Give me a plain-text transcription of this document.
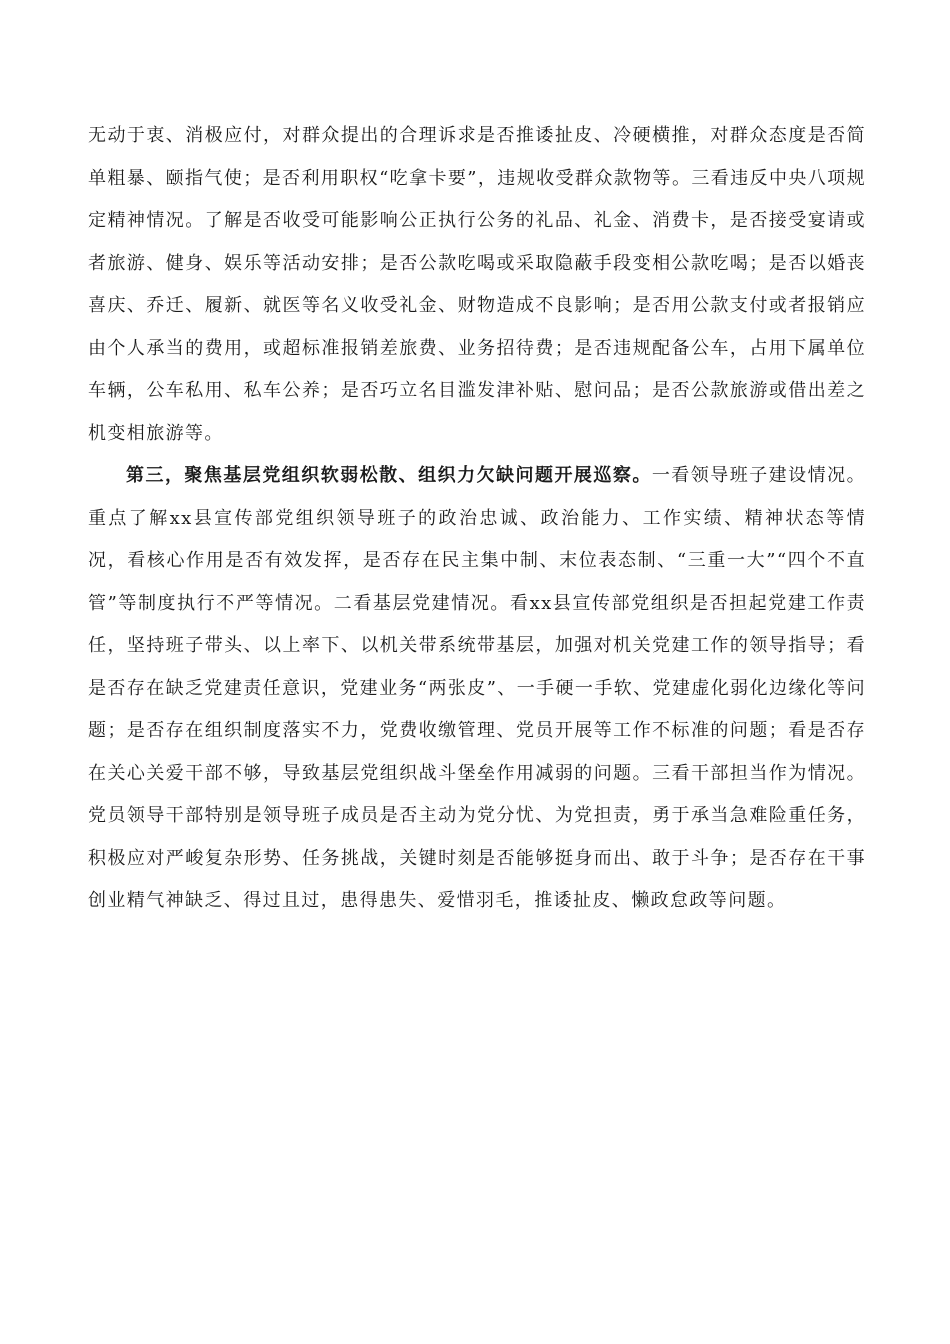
无动于衷、消极应付，对群众提出的合理诉求是否推诿扯皮、冷硬横推，对群众态度是否简单粗暴、颐指气使；是否利用职权“吃拿卡要”，违规收受群众款物等。三看违反中央八项规定精神情况。了解是否收受可能影响公正执行公务的礼品、礼金、消费卡，是否接受宴请或者旅游、健身、娱乐等活动安排；是否公款吃喝或采取隐蔽手段变相公款吃喝；是否以婚丧喜庆、乔迁、履新、就医等名义收受礼金、财物造成不良影响；是否用公款支付或者报销应由个人承当的费用，或超标准报销差旅费、业务招待费；是否违规配备公车，占用下属单位车辆，公车私用、私车公养；是否巧立名目滥发津补贴、慰问品；是否公款旅游或借出差之机变相旅游等。

第三，聚焦基层党组织软弱松散、组织力欠缺问题开展巡察。一看领导班子建设情况。重点了解xx县宣传部党组织领导班子的政治忠诚、政治能力、工作实绩、精神状态等情况，看核心作用是否有效发挥，是否存在民主集中制、末位表态制、“三重一大”“四个不直管”等制度执行不严等情况。二看基层党建情况。看xx县宣传部党组织是否担起党建工作责任，坚持班子带头、以上率下、以机关带系统带基层，加强对机关党建工作的领导指导；看是否存在缺乏党建责任意识，党建业务“两张皮”、一手硬一手软、党建虚化弱化边缘化等问题；是否存在组织制度落实不力，党费收缴管理、党员开展等工作不标准的问题；看是否存在关心关爱干部不够，导致基层党组织战斗堡垒作用减弱的问题。三看干部担当作为情况。党员领导干部特别是领导班子成员是否主动为党分忧、为党担责，勇于承当急难险重任务，积极应对严峻复杂形势、任务挑战，关键时刻是否能够挺身而出、敢于斗争；是否存在干事创业精气神缺乏、得过且过，患得患失、爱惜羽毛，推诿扯皮、懒政怠政等问题。
